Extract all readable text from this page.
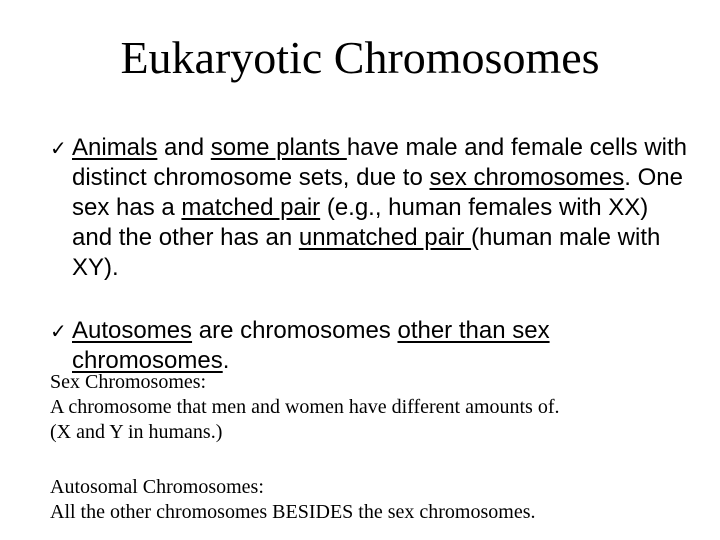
Eukaryotic Chromosomes
✓ Animals and some plants have male and female cells with distinct chromosome sets, due to sex chromosomes. One sex has a matched pair (e.g., human females with XX) and the other has an unmatched pair (human male with XY).
✓ Autosomes are chromosomes other than sex chromosomes.
Sex Chromosomes:
A chromosome that men and women have different amounts of.
(X and Y in humans.)
Autosomal Chromosomes:
All the other chromosomes BESIDES the sex chromosomes.
